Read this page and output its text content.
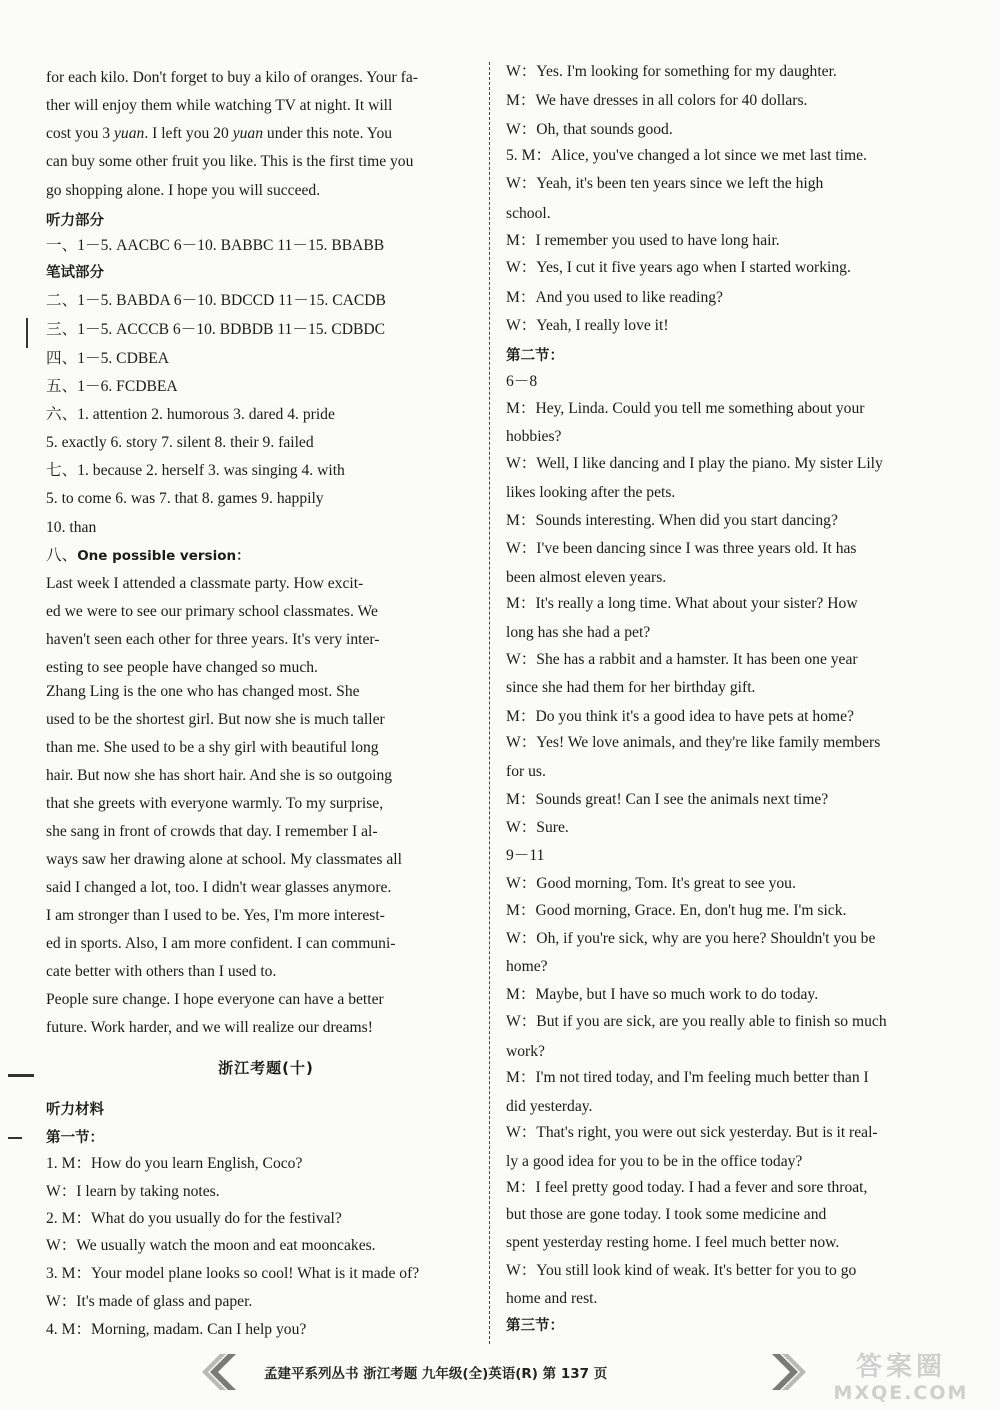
for each kilo. Don't forget to buy a kilo of oranges. Your fa-
ther will enjoy them while watching TV at night. It will
cost you 3 yuan. I left you 20 yuan under this note. You
can buy some other fruit you like. This is the first time you
go shopping alone. I hope you will succeed.
听力部分
一、1－5. AACBC 6－10. BABBC 11－15. BBABB
笔试部分
二、1－5. BABDA 6－10. BDCCD 11－15. CACDB
三、1－5. ACCCB 6－10. BDBDB 11－15. CDBDC
四、1－5. CDBEA
五、1－6. FCDBEA
六、1. attention 2. humorous 3. dared 4. pride
5. exactly 6. story 7. silent 8. their 9. failed
七、1. because 2. herself 3. was singing 4. with
5. to come 6. was 7. that 8. games 9. happily
10. than
八、One possible version：
Last week I attended a classmate party. How excit-
ed we were to see our primary school classmates. We
haven't seen each other for three years. It's very inter-
esting to see people have changed so much.
Zhang Ling is the one who has changed most. She
used to be the shortest girl. But now she is much taller
than me. She used to be a shy girl with beautiful long
hair. But now she has short hair. And she is so outgoing
that she greets with everyone warmly. To my surprise,
she sang in front of crowds that day. I remember I al-
ways saw her drawing alone at school. My classmates all
said I changed a lot, too. I didn't wear glasses anymore.
I am stronger than I used to be. Yes, I'm more interest-
ed in sports. Also, I am more confident. I can communi-
cate better with others than I used to.
People sure change. I hope everyone can have a better
future. Work harder, and we will realize our dreams!
浙江考题(十)
听力材料
第一节：
1. M：How do you learn English, Coco?
W：I learn by taking notes.
2. M：What do you usually do for the festival?
W：We usually watch the moon and eat mooncakes.
3. M：Your model plane looks so cool! What is it made of?
W：It's made of glass and paper.
4. M：Morning, madam. Can I help you?
W：Yes. I'm looking for something for my daughter.
M：We have dresses in all colors for 40 dollars.
W：Oh, that sounds good.
5. M：Alice, you've changed a lot since we met last time.
W：Yeah, it's been ten years since we left the high
school.
M：I remember you used to have long hair.
W：Yes, I cut it five years ago when I started working.
M：And you used to like reading?
W：Yeah, I really love it!
第二节：
6－8
M：Hey, Linda. Could you tell me something about your
hobbies?
W：Well, I like dancing and I play the piano. My sister Lily
likes looking after the pets.
M：Sounds interesting. When did you start dancing?
W：I've been dancing since I was three years old. It has
been almost eleven years.
M：It's really a long time. What about your sister? How
long has she had a pet?
W：She has a rabbit and a hamster. It has been one year
since she had them for her birthday gift.
M：Do you think it's a good idea to have pets at home?
W：Yes! We love animals, and they're like family members
for us.
M：Sounds great! Can I see the animals next time?
W：Sure.
9－11
W：Good morning, Tom. It's great to see you.
M：Good morning, Grace. En, don't hug me. I'm sick.
W：Oh, if you're sick, why are you here? Shouldn't you be
home?
M：Maybe, but I have so much work to do today.
W：But if you are sick, are you really able to finish so much
work?
M：I'm not tired today, and I'm feeling much better than I
did yesterday.
W：That's right, you were out sick yesterday. But is it real-
ly a good idea for you to be in the office today?
M：I feel pretty good today. I had a fever and sore throat,
but those are gone today. I took some medicine and
spent yesterday resting home. I feel much better now.
W：You still look kind of weak. It's better for you to go
home and rest.
第三节：
孟建平系列丛书 浙江考题 九年级(全)英语(R) 第 137 页	答案圈
MXQE.COM
